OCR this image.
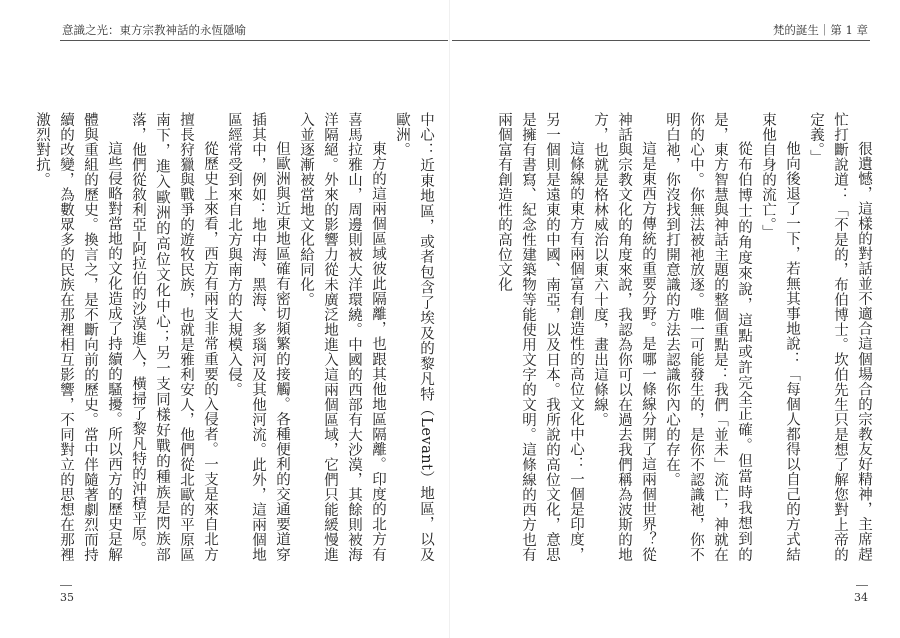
意識之光：東方宗教神話的永恆隱喻

中心：近東地區，或者包含了埃及的黎凡特（Levant）地區，以及歐洲。

東方的這兩個區域彼此隔離，也跟其他地區隔離。印度的北方有喜馬拉雅山，周邊則被大洋環繞。中國的西部有大沙漠，其餘則被海洋隔絕。外來的影響力從未廣泛地進入這兩個區域，它們只能緩慢進入並逐漸被當地文化給同化。

但歐洲與近東地區確有密切頻繁的接觸。各種便利的交通要道穿插其中，例如：地中海、黑海、多瑙河及其他河流。此外，這兩個地區經常受到來自北方與南方的大規模入侵。

從歷史上來看，西方有兩支非常重要的入侵者。一支是來自北方擅長狩獵與戰爭的遊牧民族，也就是雅利安人，他們從北歐的平原區南下，進入歐洲的高位文化中心；另一支同樣好戰的種族是閃族部落，他們從敘利亞─阿拉伯的沙漠進入，橫掃了黎凡特的沖積平原。

這些侵略對當地的文化造成了持續的騷擾。所以西方的歷史是解體與重組的歷史。換言之，是不斷向前的歷史。當中伴隨著劇烈而持續的改變，為數眾多的民族在那裡相互影響，不同對立的思想在那裡激烈對抗。

35
梵的誕生｜第 1 章

很遺憾，這樣的對話並不適合這個場合的宗教友好精神，主席趕忙打斷說道：「不是的，布伯博士。坎伯先生只是想了解您對上帝的定義。」

他向後退了一下，若無其事地說：「每個人都得以自己的方式結束他自身的流亡。」

從布伯博士的角度來說，這點或許完全正確。但當時我想到的是，東方智慧與神話主題的整個重點是：我們「並未」流亡，神就在你的心中。你無法被祂放逐。唯一可能發生的，是你不認識祂，你不明白祂，你沒找到打開意識的方法去認識你內心的存在。

這是東西方傳統的重要分野。是哪一條線分開了這兩個世界？從神話與宗教文化的角度來說，我認為你可以在過去我們稱為波斯的地方，也就是格林威治以東六十度，畫出這條線。

這條線的東方有兩個富有創造性的高位文化中心：一個是印度，另一個則是遠東的中國、南亞，以及日本。我所說的高位文化，意思是擁有書寫、紀念性建築物等能使用文字的文明。這條線的西方也有兩個富有創造性的高位文化

34
